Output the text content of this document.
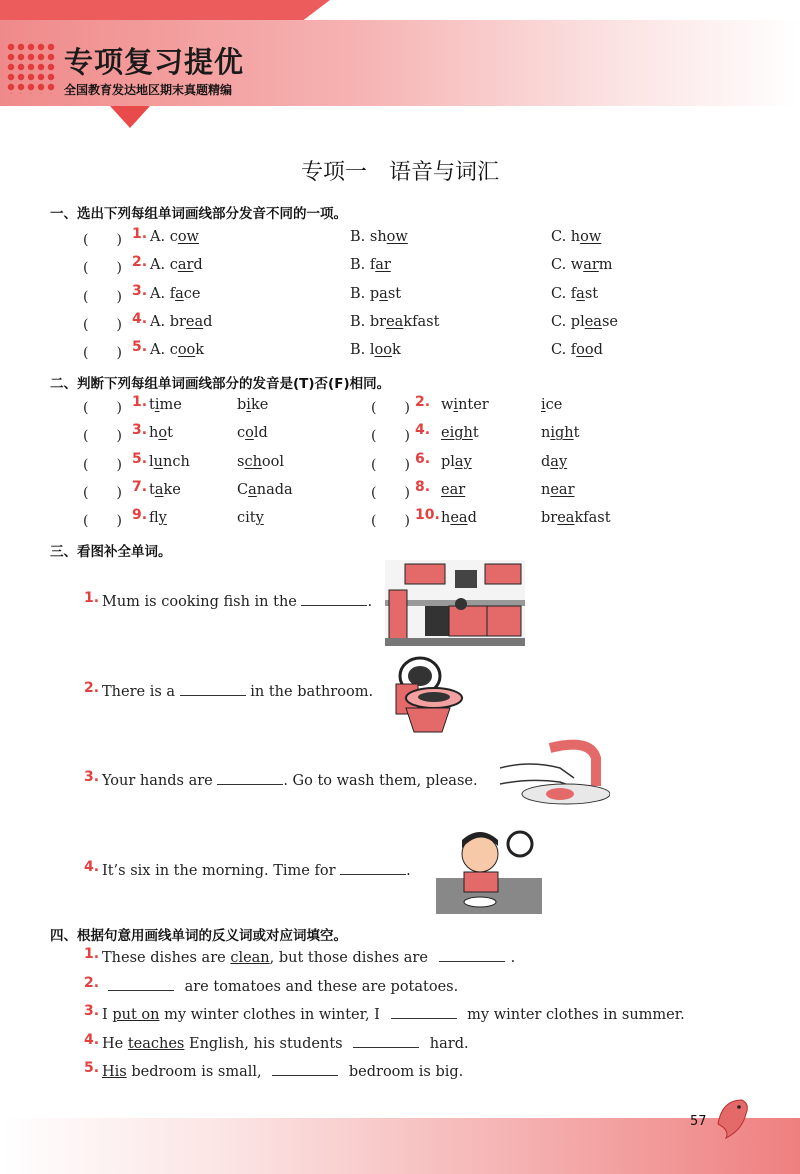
专项复习提优
全国教育发达地区期末真题精编
专项一　语音与词汇
一、选出下列每组单词画线部分发音不同的一项。
(　　) 1. A. cow	B. show	C. how
(　　) 2. A. card	B. far	C. warm
(　　) 3. A. face	B. past	C. fast
(　　) 4. A. bread	B. breakfast	C. please
(　　) 5. A. cook	B. look	C. food
二、判断下列每组单词画线部分的发音是(T)否(F)相同。
(　　) 1. time	bike	(　　) 2. winter	ice
(　　) 3. hot	cold	(　　) 4. eight	night
(　　) 5. lunch	school	(　　) 6. play	day
(　　) 7. take	Canada	(　　) 8. ear	near
(　　) 9. fly	city	(　　) 10. head	breakfast
三、看图补全单词。
1. Mum is cooking fish in the	.
2. There is a	in the bathroom.
3. Your hands are	. Go to wash them, please.
4. It’s six in the morning. Time for	.
四、根据句意用画线单词的反义词或对应词填空。
1. These dishes are clean, but those dishes are	.
2.	are tomatoes and these are potatoes.
3. I put on my winter clothes in winter, I	my winter clothes in summer.
4. He teaches English, his students	hard.
5. His bedroom is small,	bedroom is big.
57
